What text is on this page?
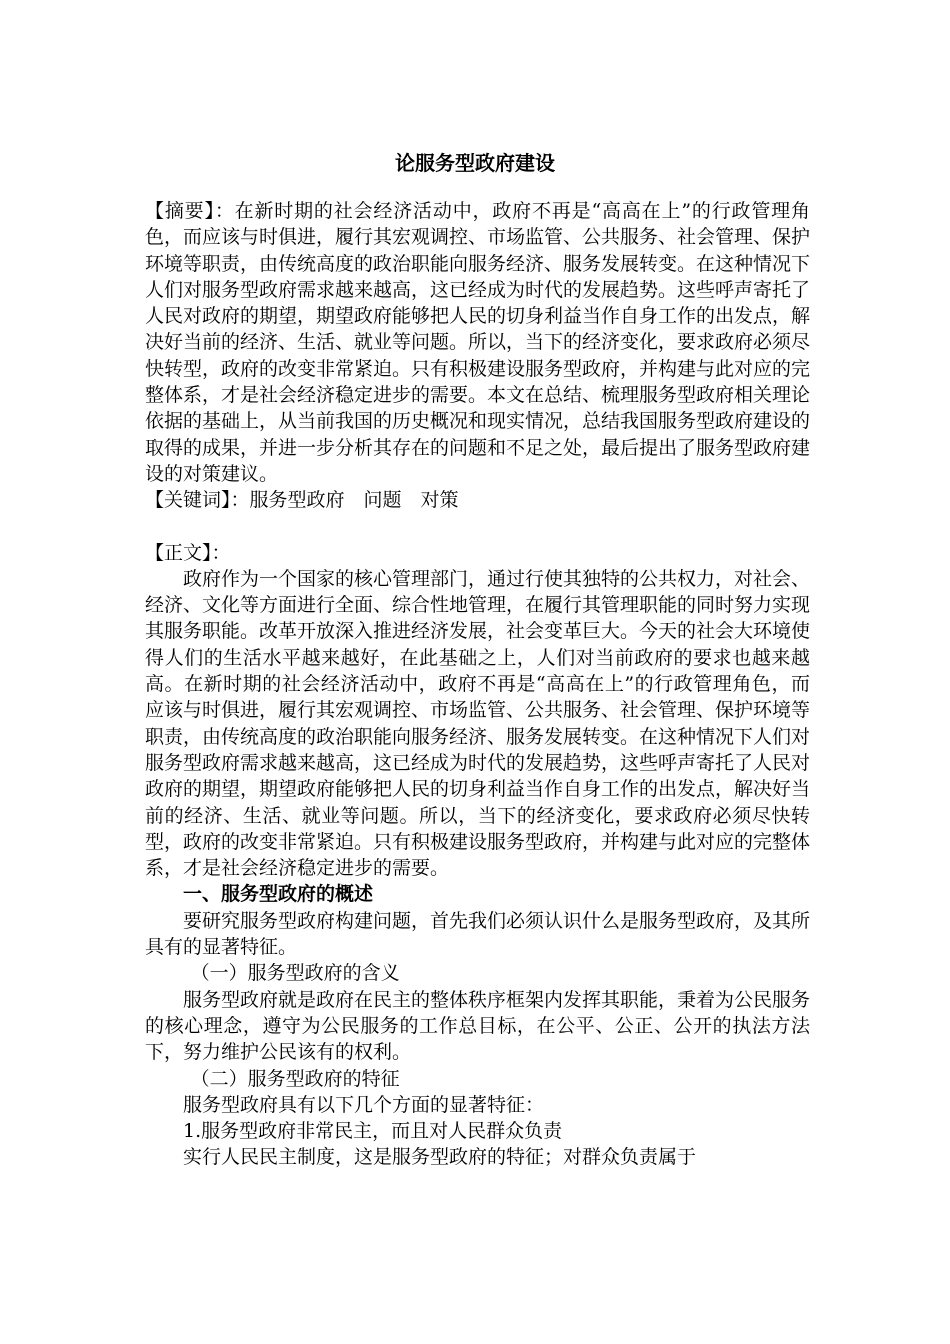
论服务型政府建设

【摘要】：在新时期的社会经济活动中，政府不再是“高高在上”的行政管理角色，而应该与时俱进，履行其宏观调控、市场监管、公共服务、社会管理、保护环境等职责，由传统高度的政治职能向服务经济、服务发展转变。在这种情况下人们对服务型政府需求越来越高，这已经成为时代的发展趋势。这些呼声寄托了人民对政府的期望，期望政府能够把人民的切身利益当作自身工作的出发点，解决好当前的经济、生活、就业等问题。所以，当下的经济变化，要求政府必须尽快转型，政府的改变非常紧迫。只有积极建设服务型政府，并构建与此对应的完整体系，才是社会经济稳定进步的需要。本文在总结、梳理服务型政府相关理论依据的基础上，从当前我国的历史概况和现实情况，总结我国服务型政府建设的取得的成果，并进一步分析其存在的问题和不足之处，最后提出了服务型政府建设的对策建议。

【关键词】：服务型政府　问题　对策

【正文】：

政府作为一个国家的核心管理部门，通过行使其独特的公共权力，对社会、经济、文化等方面进行全面、综合性地管理，在履行其管理职能的同时努力实现其服务职能。改革开放深入推进经济发展，社会变革巨大。今天的社会大环境使得人们的生活水平越来越好，在此基础之上，人们对当前政府的要求也越来越高。在新时期的社会经济活动中，政府不再是“高高在上”的行政管理角色，而应该与时俱进，履行其宏观调控、市场监管、公共服务、社会管理、保护环境等职责，由传统高度的政治职能向服务经济、服务发展转变。在这种情况下人们对服务型政府需求越来越高，这已经成为时代的发展趋势，这些呼声寄托了人民对政府的期望，期望政府能够把人民的切身利益当作自身工作的出发点，解决好当前的经济、生活、就业等问题。所以，当下的经济变化，要求政府必须尽快转型，政府的改变非常紧迫。只有积极建设服务型政府，并构建与此对应的完整体系，才是社会经济稳定进步的需要。

一、服务型政府的概述

要研究服务型政府构建问题，首先我们必须认识什么是服务型政府，及其所具有的显著特征。

（一）服务型政府的含义

服务型政府就是政府在民主的整体秩序框架内发挥其职能，秉着为公民服务的核心理念，遵守为公民服务的工作总目标，在公平、公正、公开的执法方法下，努力维护公民该有的权利。

（二）服务型政府的特征

服务型政府具有以下几个方面的显著特征：

1.服务型政府非常民主，而且对人民群众负责

实行人民民主制度，这是服务型政府的特征；对群众负责属于
